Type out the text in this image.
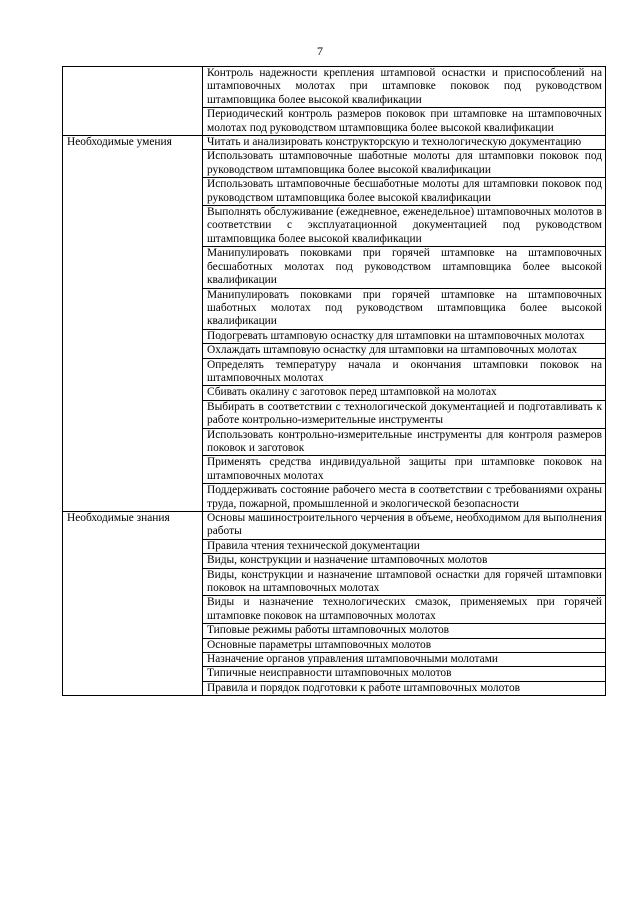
7
	Контроль надежности крепления штамповой оснастки и приспособлений на штамповочных молотах при штамповке поковок под руководством штамповщика более высокой квалификации
	Периодический контроль размеров поковок при штамповке на штамповочных молотах под руководством штамповщика более высокой квалификации
Необходимые умения	Читать и анализировать конструкторскую и технологическую документацию
	Использовать штамповочные шаботные молоты для штамповки поковок под руководством штамповщика более высокой квалификации
	Использовать штамповочные бесшаботные молоты для штамповки поковок под руководством штамповщика более высокой квалификации
	Выполнять обслуживание (ежедневное, еженедельное) штамповочных молотов в соответствии с эксплуатационной документацией под руководством штамповщика более высокой квалификации
	Манипулировать поковками при горячей штамповке на штамповочных бесшаботных молотах под руководством штамповщика более высокой квалификации
	Манипулировать поковками при горячей штамповке на штамповочных шаботных молотах под руководством штамповщика более высокой квалификации
	Подогревать штамповую оснастку для штамповки на штамповочных молотах
	Охлаждать штамповую оснастку для штамповки на штамповочных молотах
	Определять температуру начала и окончания штамповки поковок на штамповочных молотах
	Сбивать окалину с заготовок перед штамповкой на молотах
	Выбирать в соответствии с технологической документацией и подготавливать к работе контрольно-измерительные инструменты
	Использовать контрольно-измерительные инструменты для контроля размеров поковок и заготовок
	Применять средства индивидуальной защиты при штамповке поковок на штамповочных молотах
	Поддерживать состояние рабочего места в соответствии с требованиями охраны труда, пожарной, промышленной и экологической безопасности
Необходимые знания	Основы машиностроительного черчения в объеме, необходимом для выполнения работы
	Правила чтения технической документации
	Виды, конструкции и назначение штамповочных молотов
	Виды, конструкции и назначение штамповой оснастки для горячей штамповки поковок на штамповочных молотах
	Виды и назначение технологических смазок, применяемых при горячей штамповке поковок на штамповочных молотах
	Типовые режимы работы штамповочных молотов
	Основные параметры штамповочных молотов
	Назначение органов управления штамповочными молотами
	Типичные неисправности штамповочных молотов
	Правила и порядок подготовки к работе штамповочных молотов
